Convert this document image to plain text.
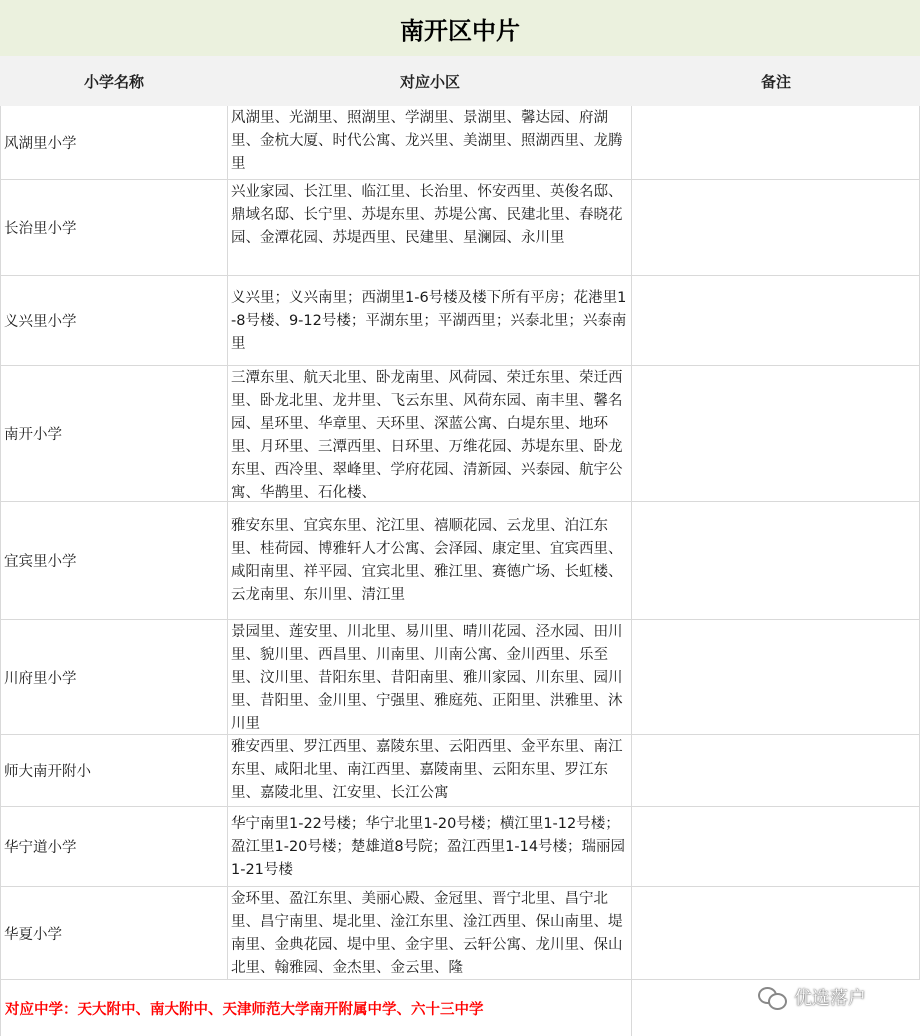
南开区中片
小学名称	对应小区	备注
风湖里小学
风湖里、光湖里、照湖里、学湖里、景湖里、馨达园、府湖里、金杭大厦、时代公寓、龙兴里、美湖里、照湖西里、龙腾里
长治里小学
兴业家园、长江里、临江里、长治里、怀安西里、英俊名邸、鼎域名邸、长宁里、苏堤东里、苏堤公寓、民建北里、春晓花园、金潭花园、苏堤西里、民建里、星澜园、永川里
义兴里小学
义兴里；义兴南里；西湖里1-6号楼及楼下所有平房；花港里1-8号楼、9-12号楼；平湖东里；平湖西里；兴泰北里；兴泰南里
南开小学
三潭东里、航天北里、卧龙南里、风荷园、荣迁东里、荣迁西里、卧龙北里、龙井里、飞云东里、风荷东园、南丰里、馨名园、星环里、华章里、天环里、深蓝公寓、白堤东里、地环里、月环里、三潭西里、日环里、万维花园、苏堤东里、卧龙东里、西冷里、翠峰里、学府花园、清新园、兴泰园、航宇公寓、华鹊里、石化楼、
宜宾里小学
雅安东里、宜宾东里、沱江里、禧顺花园、云龙里、泊江东里、桂荷园、博雅轩人才公寓、会泽园、康定里、宜宾西里、咸阳南里、祥平园、宜宾北里、雅江里、赛德广场、长虹楼、云龙南里、东川里、清江里
川府里小学
景园里、莲安里、川北里、易川里、晴川花园、泾水园、田川里、貌川里、西昌里、川南里、川南公寓、金川西里、乐至里、汶川里、昔阳东里、昔阳南里、雅川家园、川东里、园川里、昔阳里、金川里、宁强里、雅庭苑、正阳里、洪雅里、沐川里
师大南开附小
雅安西里、罗江西里、嘉陵东里、云阳西里、金平东里、南江东里、咸阳北里、南江西里、嘉陵南里、云阳东里、罗江东里、嘉陵北里、江安里、长江公寓
华宁道小学
华宁南里1-22号楼；华宁北里1-20号楼；横江里1-12号楼；盈江里1-20号楼；楚雄道8号院；盈江西里1-14号楼；瑞丽园1-21号楼
华夏小学
金环里、盈江东里、美丽心殿、金冠里、晋宁北里、昌宁北里、昌宁南里、堤北里、淦江东里、淦江西里、保山南里、堤南里、金典花园、堤中里、金宇里、云轩公寓、龙川里、保山北里、翰雅园、金杰里、金云里、隆
对应中学：天大附中、南大附中、天津师范大学南开附属中学、六十三中学
优选落户
